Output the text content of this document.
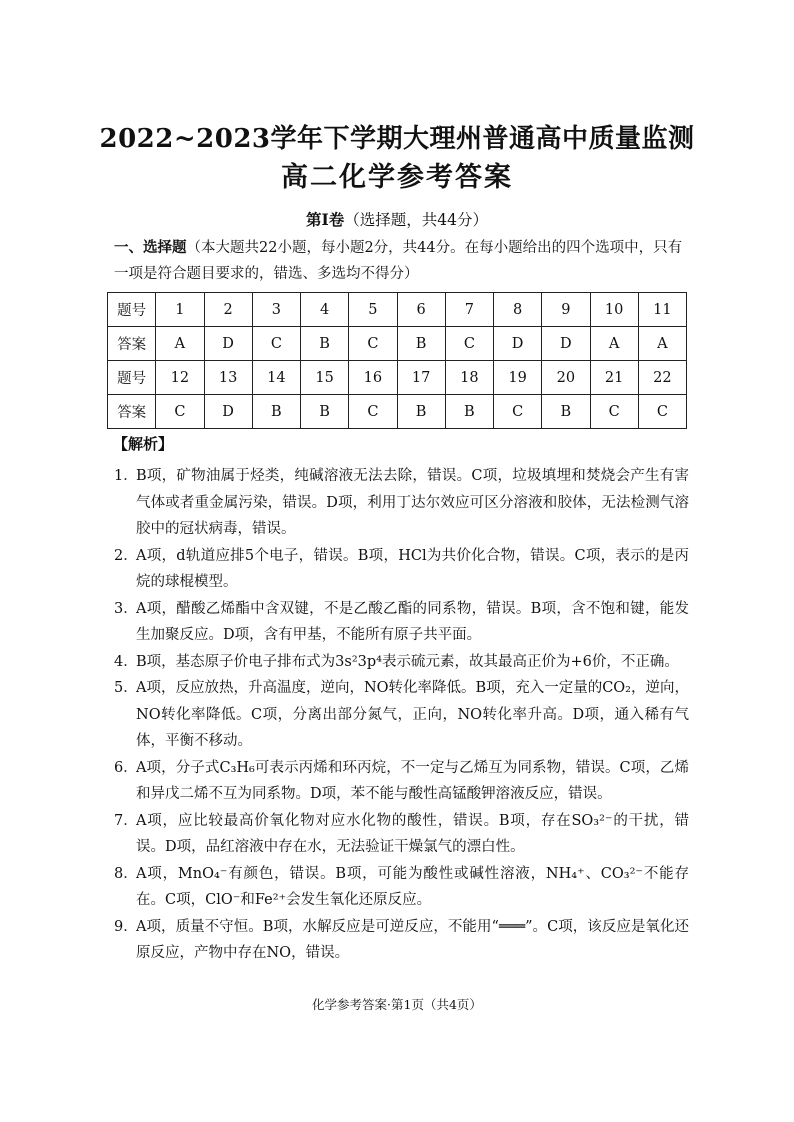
2022~2023学年下学期大理州普通高中质量监测
高二化学参考答案
第Ⅰ卷（选择题，共44分）
一、选择题（本大题共22小题，每小题2分，共44分。在每小题给出的四个选项中，只有
一项是符合题目要求的，错选、多选均不得分）
题号	1	2	3	4	5	6	7	8	9	10	11
答案	A	D	C	B	C	B	C	D	D	A	A
题号	12	13	14	15	16	17	18	19	20	21	22
答案	C	D	B	B	C	B	B	C	B	C	C
【解析】
1．
B项，矿物油属于烃类，纯碱溶液无法去除，错误。C项，垃圾填埋和焚烧会产生有害气体或者重金属污染，错误。D项，利用丁达尔效应可区分溶液和胶体，无法检测气溶胶中的冠状病毒，错误。
2．
A项，d轨道应排5个电子，错误。B项，HCl为共价化合物，错误。C项，表示的是丙烷的球棍模型。
3．
A项，醋酸乙烯酯中含双键，不是乙酸乙酯的同系物，错误。B项，含不饱和键，能发生加聚反应。D项，含有甲基，不能所有原子共平面。
4．
B项，基态原子价电子排布式为3s²3p⁴表示硫元素，故其最高正价为+6价，不正确。
5．
A项，反应放热，升高温度，逆向，NO转化率降低。B项，充入一定量的CO₂，逆向，NO转化率降低。C项，分离出部分氮气，正向，NO转化率升高。D项，通入稀有气体，平衡不移动。
6．
A项，分子式C₃H₆可表示丙烯和环丙烷，不一定与乙烯互为同系物，错误。C项，乙烯和异戊二烯不互为同系物。D项，苯不能与酸性高锰酸钾溶液反应，错误。
7．
A项，应比较最高价氧化物对应水化物的酸性，错误。B项，存在SO₃²⁻的干扰，错误。D项，品红溶液中存在水，无法验证干燥氯气的漂白性。
8．
A项，MnO₄⁻有颜色，错误。B项，可能为酸性或碱性溶液，NH₄⁺、CO₃²⁻不能存在。C项，ClO⁻和Fe²⁺会发生氧化还原反应。
9．
A项，质量不守恒。B项，水解反应是可逆反应，不能用“═══”。C项，该反应是氧化还原反应，产物中存在NO，错误。
化学参考答案·第1页（共4页）
